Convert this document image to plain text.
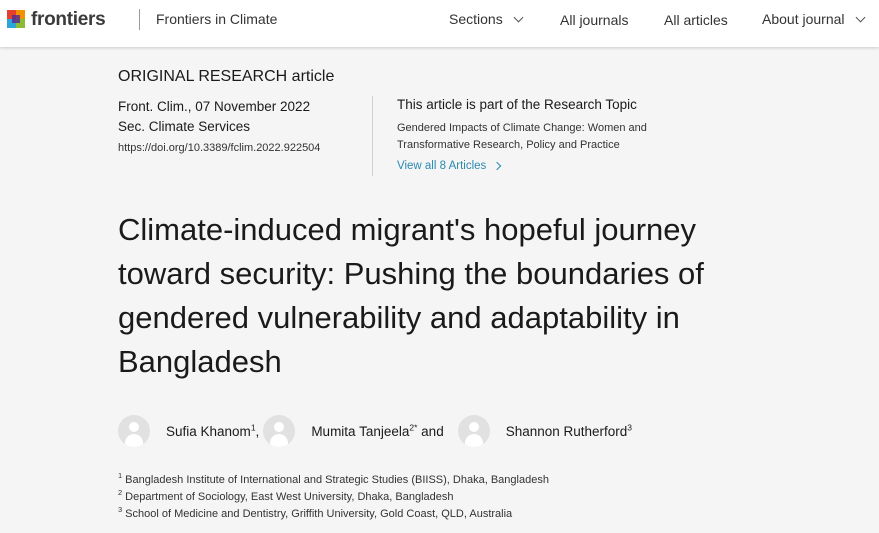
frontiers	Frontiers in Climate	Sections	All journals	All articles About journal
ORIGINAL RESEARCH article
Front. Clim., 07 November 2022
Sec. Climate Services
https://doi.org/10.3389/fclim.2022.922504
This article is part of the Research Topic
Gendered Impacts of Climate Change: Women and Transformative Research, Policy and Practice
View all 8 Articles
Climate-induced migrant's hopeful journey toward security: Pushing the boundaries of gendered vulnerability and adaptability in Bangladesh
Sufia Khanom$^1$,	Mumita Tanjeela$^{2*}$ and	Shannon Rutherford$^3$
$^1$ Bangladesh Institute of International and Strategic Studies (BIISS), Dhaka, Bangladesh
$^2$ Department of Sociology, East West University, Dhaka, Bangladesh
$^3$ School of Medicine and Dentistry, Griffith University, Gold Coast, QLD, Australia
